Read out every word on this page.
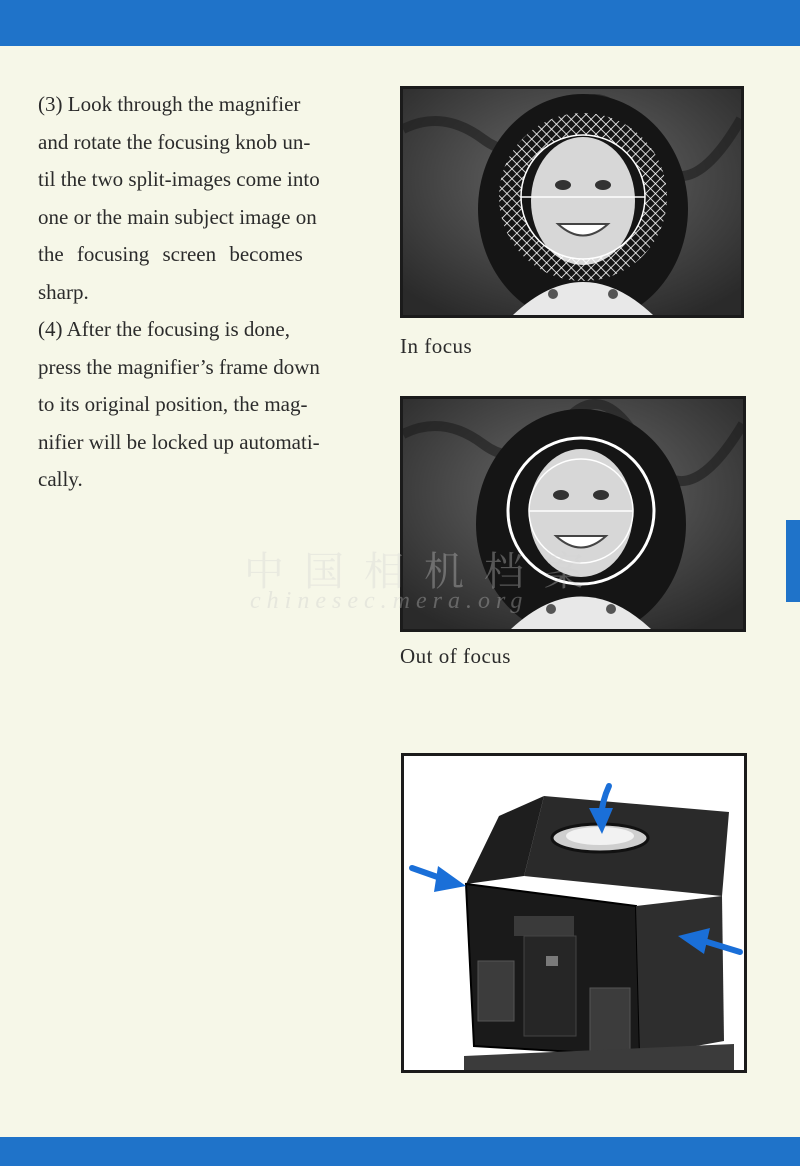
(3) Look through the magnifier
and rotate the focusing knob un-
til the two split-images come into
one or the main subject image on
the focusing screen becomes
sharp.

(4) After the focusing is done,
press the magnifier’s frame down
to its original position, the mag-
nifier will be locked up automati-
cally.

In focus
Out of focus
中国相机档案
chinesec.mera.org
